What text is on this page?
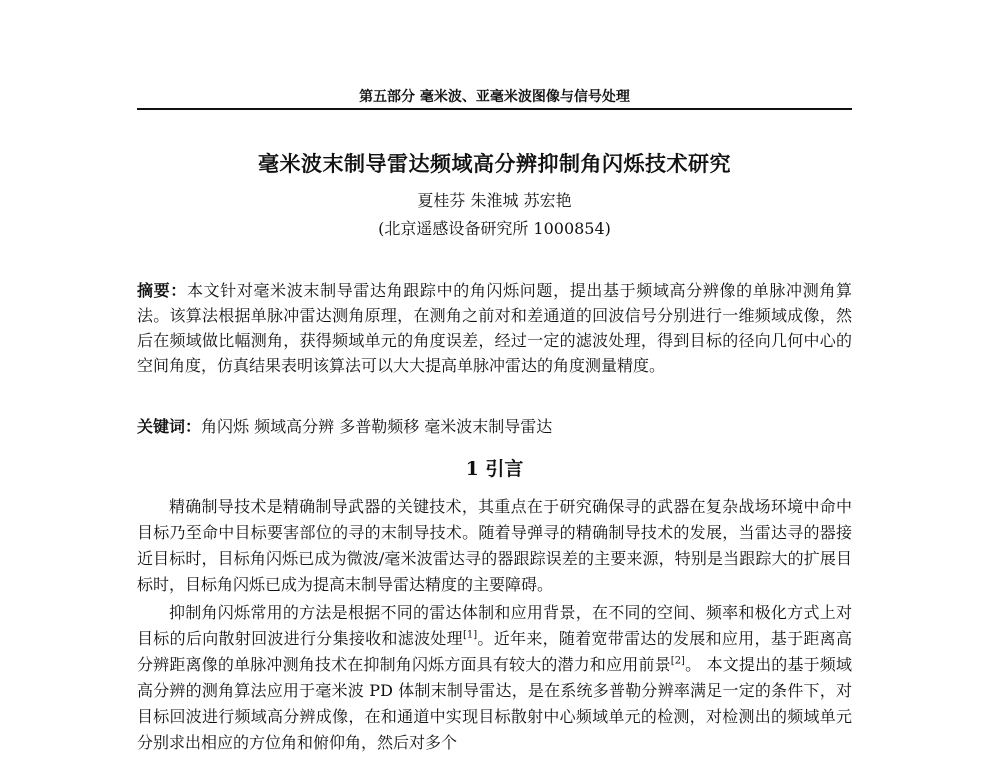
第五部分 毫米波、亚毫米波图像与信号处理
毫米波末制导雷达频域高分辨抑制角闪烁技术研究
夏桂芬 朱淮城 苏宏艳
(北京遥感设备研究所 1000854)
摘要：本文针对毫米波末制导雷达角跟踪中的角闪烁问题，提出基于频域高分辨像的单脉冲测角算法。该算法根据单脉冲雷达测角原理，在测角之前对和差通道的回波信号分别进行一维频域成像，然后在频域做比幅测角，获得频域单元的角度误差，经过一定的滤波处理，得到目标的径向几何中心的空间角度，仿真结果表明该算法可以大大提高单脉冲雷达的角度测量精度。
关键词：角闪烁 频域高分辨 多普勒频移 毫米波末制导雷达
1 引言

精确制导技术是精确制导武器的关键技术，其重点在于研究确保寻的武器在复杂战场环境中命中目标乃至命中目标要害部位的寻的末制导技术。随着导弹寻的精确制导技术的发展，当雷达寻的器接近目标时，目标角闪烁已成为微波/毫米波雷达寻的器跟踪误差的主要来源，特别是当跟踪大的扩展目标时，目标角闪烁已成为提高末制导雷达精度的主要障碍。

抑制角闪烁常用的方法是根据不同的雷达体制和应用背景，在不同的空间、频率和极化方式上对目标的后向散射回波进行分集接收和滤波处理[1]。近年来，随着宽带雷达的发展和应用，基于距离高分辨距离像的单脉冲测角技术在抑制角闪烁方面具有较大的潜力和应用前景[2]。 本文提出的基于频域高分辨的测角算法应用于毫米波 PD 体制末制导雷达，是在系统多普勒分辨率满足一定的条件下，对目标回波进行频域高分辨成像，在和通道中实现目标散射中心频域单元的检测，对检测出的频域单元分别求出相应的方位角和俯仰角，然后对多个
